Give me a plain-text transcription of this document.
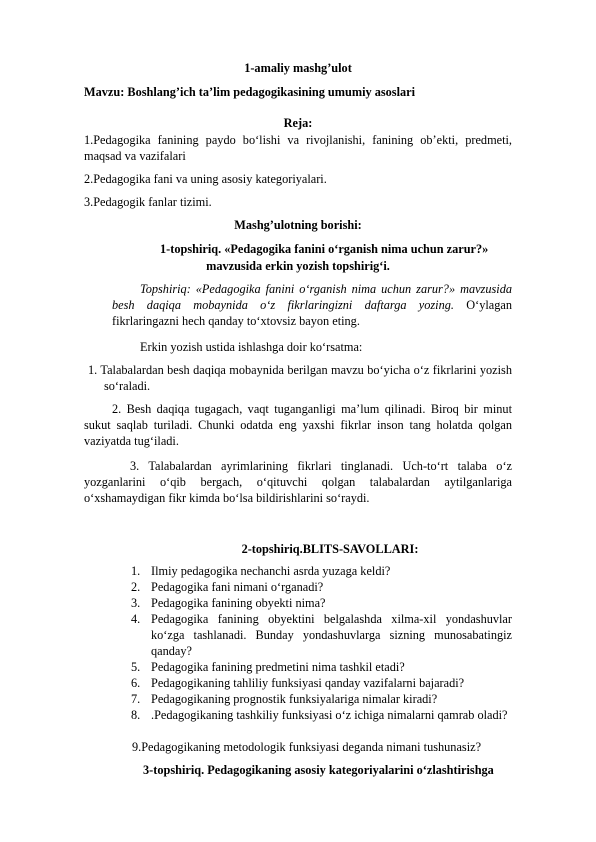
1-amaliy mashg’ulot
Mavzu: Boshlang’ich ta’lim pedagogikasining umumiy asoslari
Reja:
1.Pedagogika fanining paydo bo‘lishi va rivojlanishi, fanining ob’ekti, predmeti, maqsad va vazifalari
2.Pedagogika fani va uning asosiy kategoriyalari.
3.Pedagogik fanlar tizimi.
Mashg’ulotning borishi:
1-topshiriq. «Pedagogika fanini o‘rganish nima uchun zarur?»
mavzusida erkin yozish topshirig‘i.
Topshiriq: «Pedagogika fanini o‘rganish nima uchun zarur?» mavzusida besh daqiqa mobaynida o‘z fikrlaringizni daftarga yozing. O‘ylagan fikrlaringazni hech qanday to‘xtovsiz bayon eting.
Erkin yozish ustida ishlashga doir ko‘rsatma:
1. Talabalardan besh daqiqa mobaynida berilgan mavzu bo‘yicha o‘z fikrlarini yozish so‘raladi.
2. Besh daqiqa tugagach, vaqt tuganganligi ma’lum qilinadi. Biroq bir minut sukut saqlab turiladi. Chunki odatda eng yaxshi fikrlar inson tang holatda qolgan vaziyatda tug‘iladi.
3. Talabalardan ayrimlarining fikrlari tinglanadi. Uch-to‘rt talaba o‘z yozganlarini o‘qib bergach, o‘qituvchi qolgan talabalardan aytilganlariga o‘xshamaydigan fikr kimda bo‘lsa bildirishlarini so‘raydi.
2-topshiriq.BLITS-SAVOLLARI:
1. Ilmiy pedagogika nechanchi asrda yuzaga keldi?
2. Pedagogika fani nimani o‘rganadi?
3. Pedagogika fanining obyekti nima?
4. Pedagogika fanining obyektini belgalashda xilma-xil yondashuvlar ko‘zga tashlanadi. Bunday yondashuvlarga sizning munosabatingiz qanday?
5. Pedagogika fanining predmetini nima tashkil etadi?
6. Pedagogikaning tahliliy funksiyasi qanday vazifalarni bajaradi?
7. Pedagogikaning prognostik funksiyalariga nimalar kiradi?
8. .Pedagogikaning tashkiliy funksiyasi o‘z ichiga nimalarni qamrab oladi?
9.Pedagogikaning metodologik funksiyasi deganda nimani tushunasiz?
3-topshiriq. Pedagogikaning asosiy kategoriyalarini o‘zlashtirishga
